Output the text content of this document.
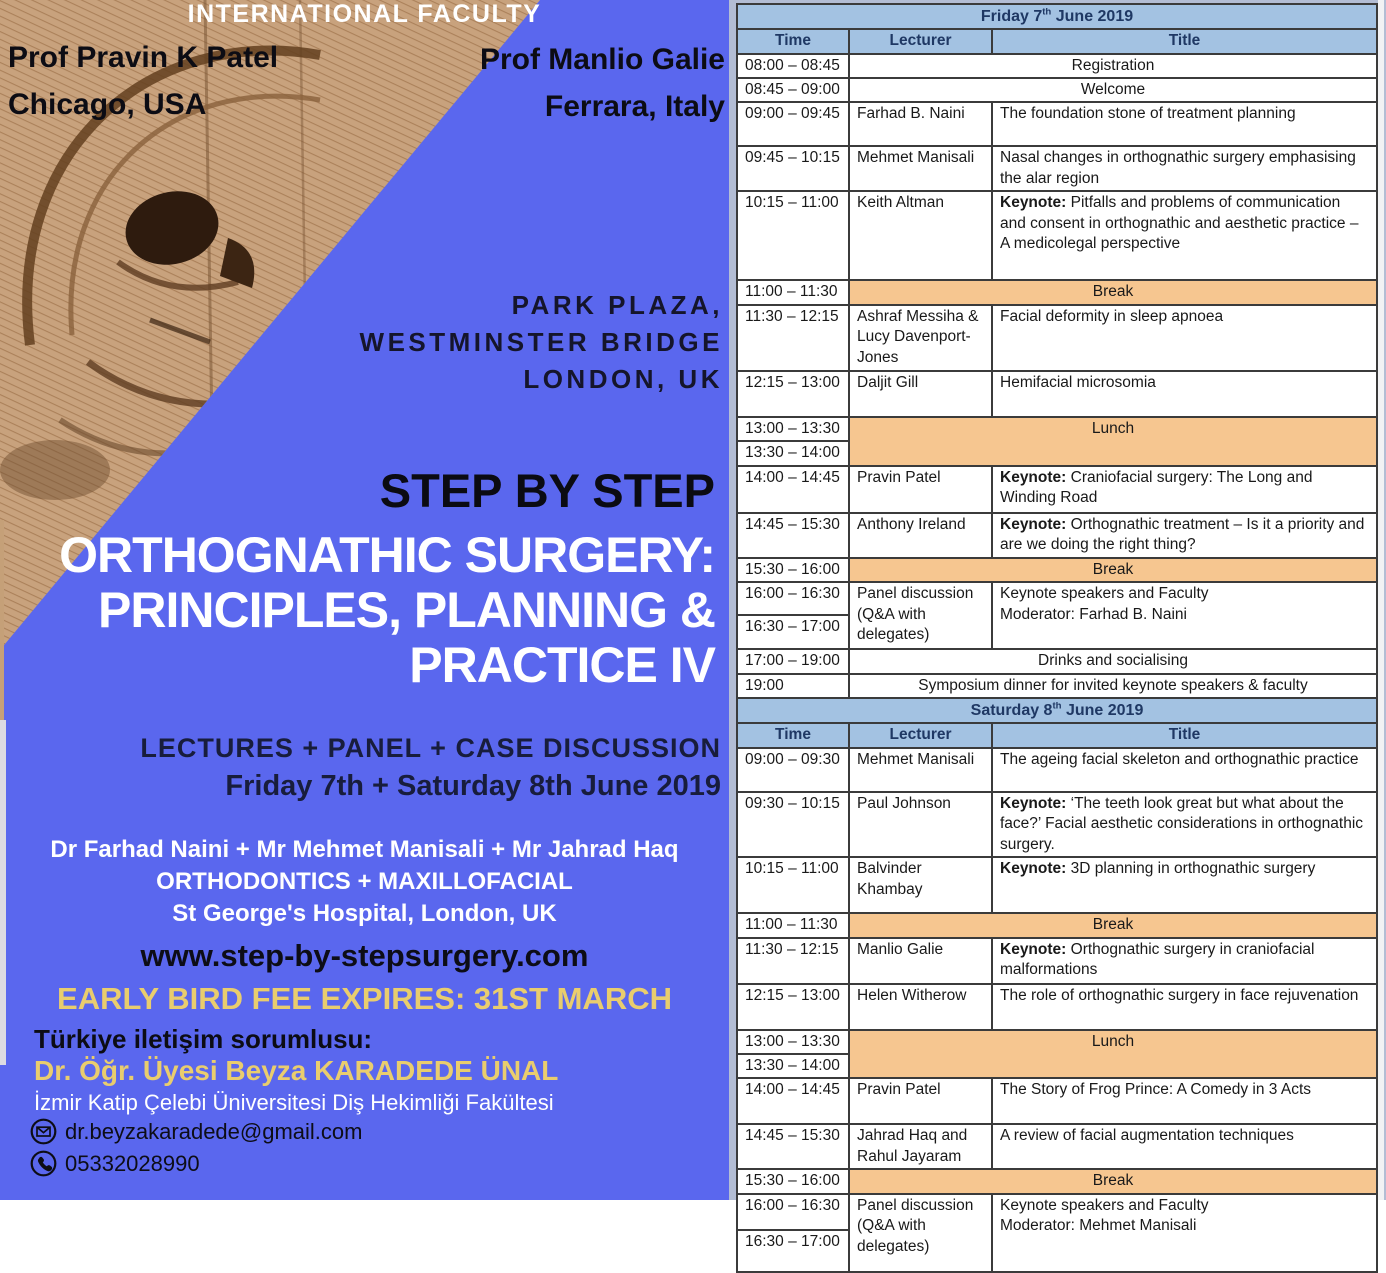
INTERNATIONAL FACULTY
Prof Pravin K Patel
Chicago, USA
Prof Manlio Galie
Ferrara, Italy
PARK PLAZA,
WESTMINSTER BRIDGE
LONDON, UK
STEP BY STEP
ORTHOGNATHIC SURGERY:
PRINCIPLES, PLANNING &
PRACTICE IV
LECTURES + PANEL + CASE DISCUSSION
Friday 7th + Saturday 8th June 2019
Dr Farhad Naini + Mr Mehmet Manisali + Mr Jahrad Haq
ORTHODONTICS + MAXILLOFACIAL
St George's Hospital, London, UK
www.step-by-stepsurgery.com
EARLY BIRD FEE EXPIRES: 31ST MARCH
Türkiye iletişim sorumlusu:
Dr. Öğr. Üyesi Beyza KARADEDE ÜNAL
İzmir Katip Çelebi Üniversitesi Diş Hekimliği Fakültesi
dr.beyzakaradede@gmail.com
05332028990
Friday 7th June 2019		
Time	Lecturer	Title
08:00 – 08:45	Registration	
08:45 – 09:00	Welcome	
09:00 – 09:45	Farhad B. Naini	The foundation stone of treatment planning

09:45 – 10:15	Mehmet Manisali	Nasal changes in orthognathic surgery emphasising the alar region

10:15 – 11:00	Keith Altman	Keynote: Pitfalls and problems of communication and consent in orthognathic and aesthetic practice – A medicolegal perspective

11:00 – 11:30	Break	
11:30 – 12:15	Ashraf Messiha & Lucy Davenport-Jones	Facial deformity in sleep apnoea

12:15 – 13:00	Daljit Gill	Hemifacial microsomia

13:00 – 13:30	Lunch	
13:30 – 14:00		
14:00 – 14:45	Pravin Patel	Keynote: Craniofacial surgery: The Long and Winding Road

14:45 – 15:30	Anthony Ireland	Keynote: Orthognathic treatment – Is it a priority and are we doing the right thing?

15:30 – 16:00	Break	
16:00 – 16:30	Panel discussion (Q&A with delegates)	Keynote speakers and Faculty
Moderator: Farhad B. Naini

16:30 – 17:00		
17:00 – 19:00	Drinks and socialising	
19:00	Symposium dinner for invited keynote speakers & faculty	
Saturday 8th June 2019		
Time	Lecturer	Title
09:00 – 09:30	Mehmet Manisali	The ageing facial skeleton and orthognathic practice

09:30 – 10:15	Paul Johnson	Keynote: ‘The teeth look great but what about the face?’ Facial aesthetic considerations in orthognathic surgery.

10:15 – 11:00	Balvinder Khambay	Keynote: 3D planning in orthognathic surgery

11:00 – 11:30	Break	
11:30 – 12:15	Manlio Galie	Keynote: Orthognathic surgery in craniofacial malformations

12:15 – 13:00	Helen Witherow	The role of orthognathic surgery in face rejuvenation

13:00 – 13:30	Lunch	
13:30 – 14:00		
14:00 – 14:45	Pravin Patel	The Story of Frog Prince: A Comedy in 3 Acts

14:45 – 15:30	Jahrad Haq and Rahul Jayaram	A review of facial augmentation techniques

15:30 – 16:00	Break	
16:00 – 16:30	Panel discussion (Q&A with delegates)	Keynote speakers and Faculty
Moderator: Mehmet Manisali

16:30 – 17:00		
